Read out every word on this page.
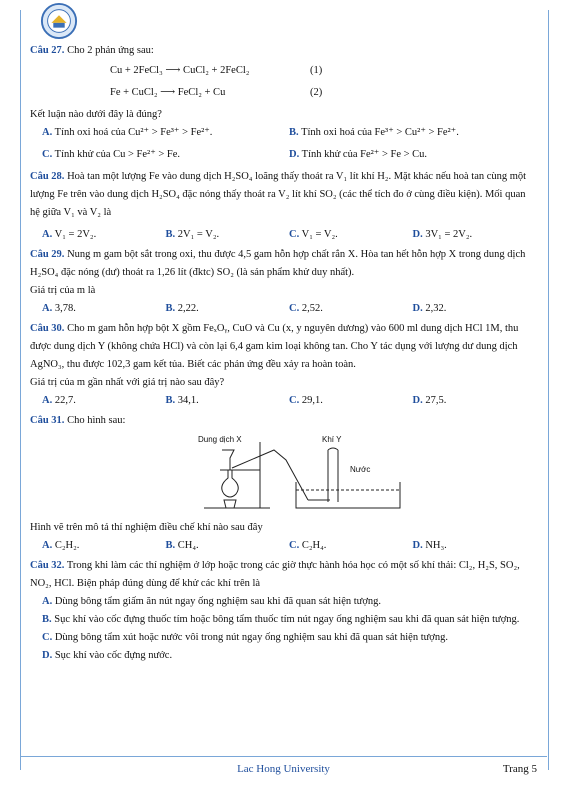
Câu 27. Cho 2 phản ứng sau:
Cu + 2FeCl₃ ⟶ CuCl₂ + 2FeCl₂	(1)
Fe + CuCl₂ ⟶ FeCl₂ + Cu	(2)
Kết luận nào dưới đây là đúng?
A. Tính oxi hoá của Cu²⁺ > Fe³⁺ > Fe²⁺.	B. Tính oxi hoá của Fe³⁺ > Cu²⁺ > Fe²⁺.
C. Tính khử của Cu > Fe²⁺ > Fe.	D. Tính khử của Fe²⁺ > Fe > Cu.
Câu 28. Hoà tan một lượng Fe vào dung dịch H₂SO₄ loãng thấy thoát ra V₁ lít khí H₂. Mặt khác nếu hoà tan cùng một lượng Fe trên vào dung dịch H₂SO₄ đặc nóng thấy thoát ra V₂ lít khí SO₂ (các thể tích đo ở cùng điều kiện). Mối quan hệ giữa V₁ và V₂ là
A. V₁ = 2V₂.	B. 2V₁ = V₂.	C. V₁ = V₂.	D. 3V₁ = 2V₂.
Câu 29. Nung m gam bột sắt trong oxi, thu được 4,5 gam hỗn hợp chất rắn X. Hòa tan hết hỗn hợp X trong dung dịch H₂SO₄ đặc nóng (dư) thoát ra 1,26 lít (đktc) SO₂ (là sản phẩm khử duy nhất).
Giá trị của m là
A. 3,78.	B. 2,22.	C. 2,52.	D. 2,32.
Câu 30. Cho m gam hỗn hợp bột X gồm FeₓOᵧ, CuO và Cu (x, y nguyên dương) vào 600 ml dung dịch HCl 1M, thu được dung dịch Y (không chứa HCl) và còn lại 6,4 gam kim loại không tan. Cho Y tác dụng với lượng dư dung dịch AgNO₃, thu được 102,3 gam kết tủa. Biết các phản ứng đều xảy ra hoàn toàn.
Giá trị của m gần nhất với giá trị nào sau đây?
A. 22,7.	B. 34,1.	C. 29,1.	D. 27,5.
Câu 31. Cho hình sau:
Dung dịch X	Khí Y
Nước
Hình vẽ trên mô tả thí nghiệm điều chế khí nào sau đây
A. C₂H₂.	B. CH₄.	C. C₂H₄.	D. NH₃.
Câu 32. Trong khi làm các thí nghiệm ở lớp hoặc trong các giờ thực hành hóa học có một số khí thải: Cl₂, H₂S, SO₂, NO₂, HCl. Biện pháp đúng dùng để khử các khí trên là
A. Dùng bông tẩm giấm ăn nút ngay ống nghiệm sau khi đã quan sát hiện tượng.
B. Sục khí vào cốc đựng thuốc tím hoặc bông tẩm thuốc tím nút ngay ống nghiệm sau khi đã quan sát hiện tượng.
C. Dùng bông tẩm xút hoặc nước vôi trong nút ngay ống nghiệm sau khi đã quan sát hiện tượng.
D. Sục khí vào cốc đựng nước.
Lac Hong University	Trang 5
